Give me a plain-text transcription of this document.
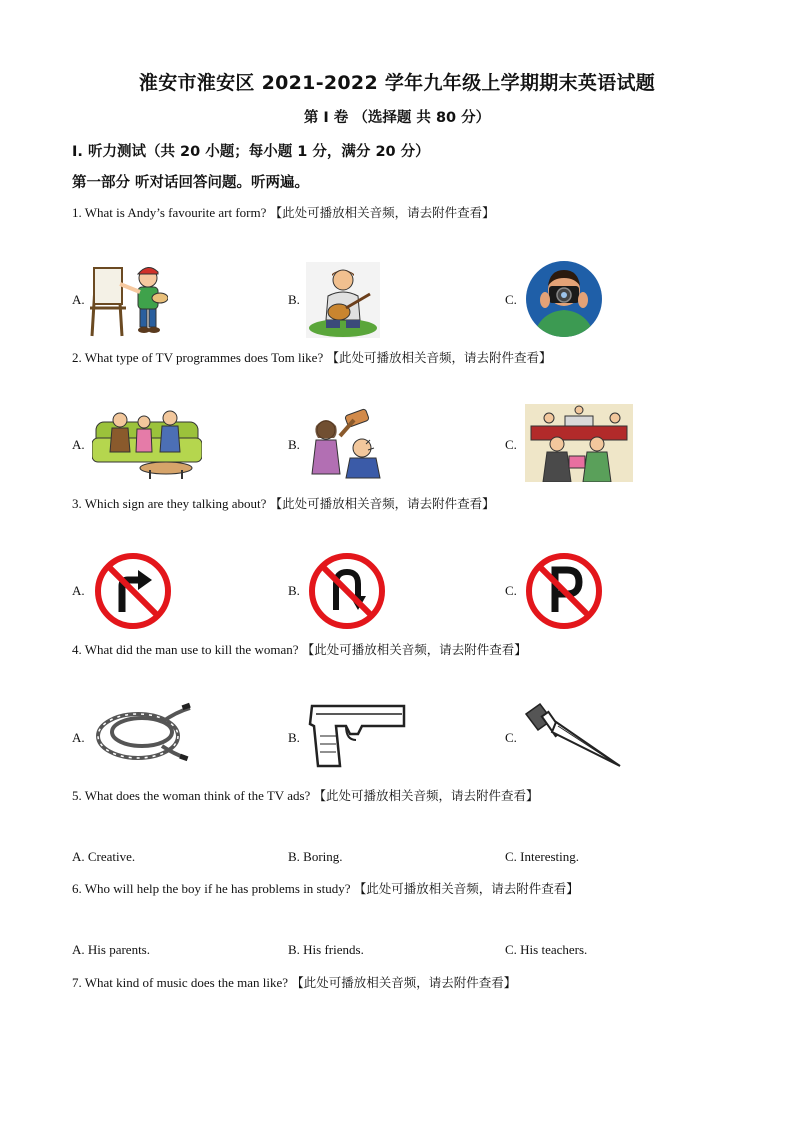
淮安市淮安区 2021-2022 学年九年级上学期期末英语试题
第 I 卷 （选择题 共 80 分）
Ⅰ. 听力测试（共 20 小题；每小题 1 分，满分 20 分）
第一部分 听对话回答问题。听两遍。
1. What is Andy’s favourite art form? 【此处可播放相关音频，请去附件查看】
A.	B.	C.
2. What type of TV programmes does Tom like? 【此处可播放相关音频，请去附件查看】
A.	B.	C.
3. Which sign are they talking about? 【此处可播放相关音频，请去附件查看】
A.	B.	C.
4. What did the man use to kill the woman? 【此处可播放相关音频，请去附件查看】
A.	B.	C.
5. What does the woman think of the TV ads? 【此处可播放相关音频，请去附件查看】
A. Creative.	B. Boring.	C. Interesting.
6. Who will help the boy if he has problems in study? 【此处可播放相关音频，请去附件查看】
A. His parents.	B. His friends.	C. His teachers.
7. What kind of music does the man like? 【此处可播放相关音频，请去附件查看】
